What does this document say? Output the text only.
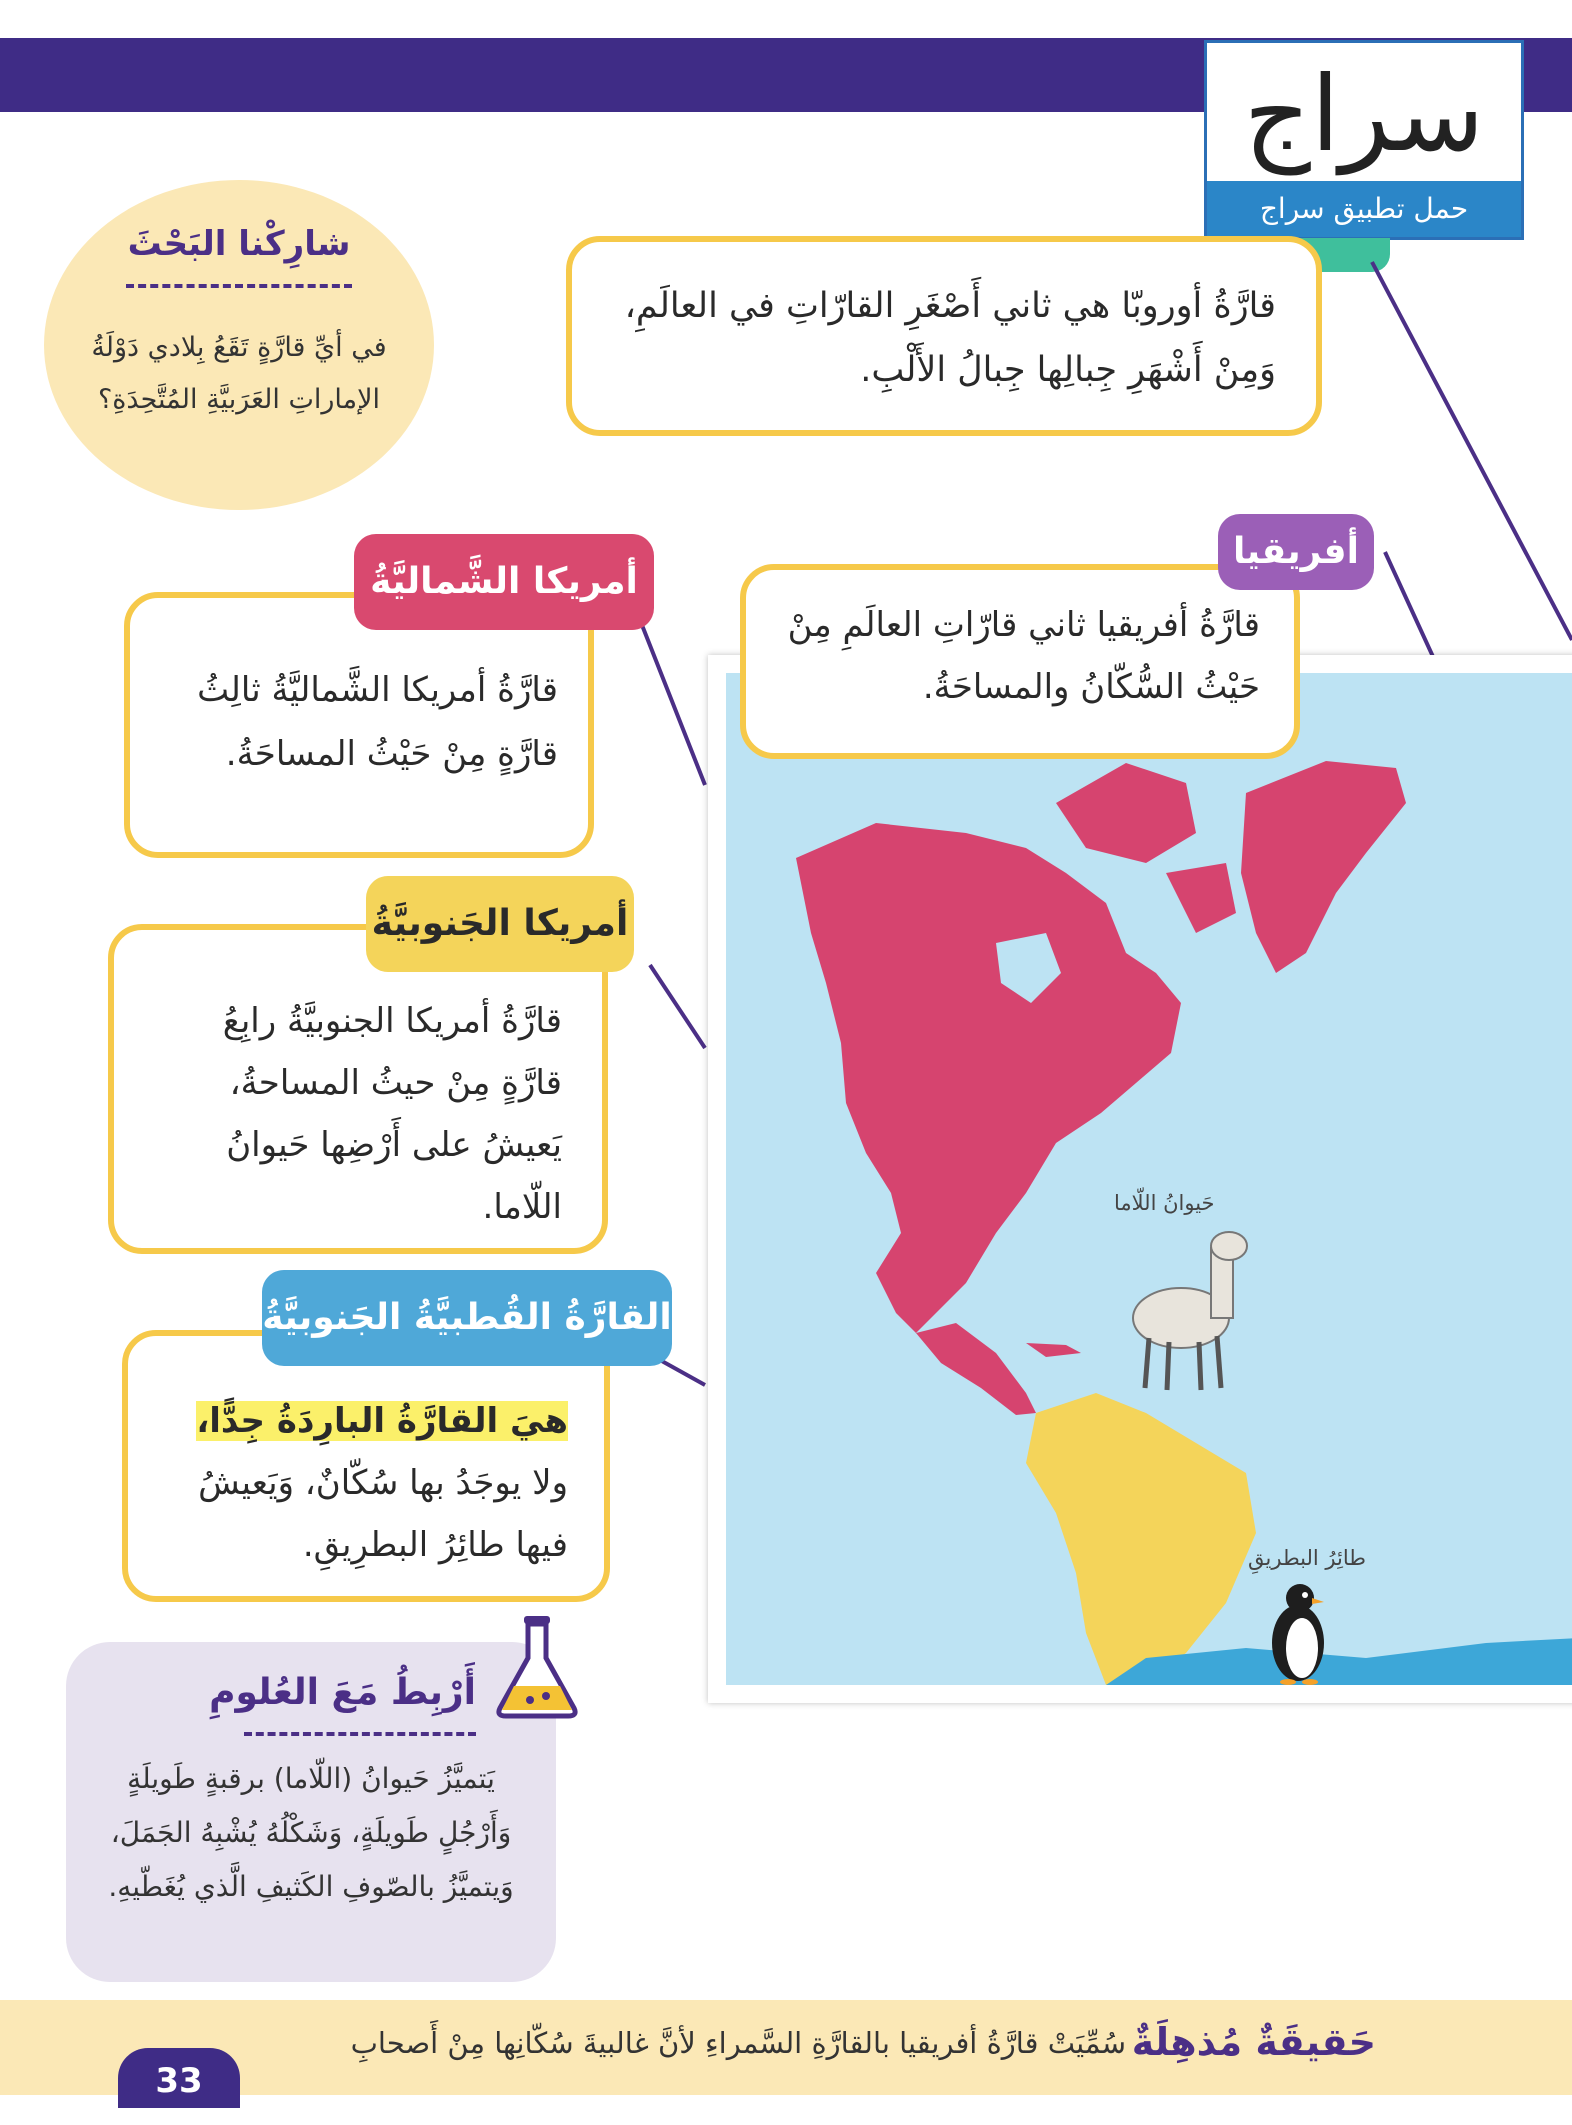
سراج
حمل تطبيق سراج
شارِكْنا البَحْثَ
في أيِّ قارَّةٍ تَقَعُ بِلادي دَوْلَةُ الإماراتِ العَرَبيَّةِ المُتَّحِدَةِ؟
قارَّةُ أوروبّا هي ثاني أَصْغَرِ القارّاتِ في العالَمِ، وَمِنْ أَشْهَرِ جِبالِها جِبالُ الأَلْبِ.
حَيوانُ اللّاما
طائِرُ البطريقِ
قارَّةُ أفريقيا ثاني قارّاتِ العالَمِ مِنْ حَيْثُ السُّكّانُ والمساحَةُ.
أفريقيا
قارَّةُ أمريكا الشَّماليَّةُ ثالِثُ قارَّةٍ مِنْ حَيْثُ المساحَةُ.
أمريكا الشَّماليَّةُ
قارَّةُ أمريكا الجنوبيَّةُ رابِعُ قارَّةٍ مِنْ حيثُ المساحةُ، يَعيشُ على أَرْضِها حَيوانُ اللّاما.
أمريكا الجَنوبيَّةُ
هيَ القارَّةُ البارِدَةُ جِدًّا، ولا يوجَدُ بها سُكّانٌ، وَيَعيشُ فيها طائِرُ البطرِيقِ.
القارَّةُ القُطبيَّةُ الجَنوبيَّةُ
أَرْبِطُ مَعَ العُلومِ
يَتميَّزُ حَيوانُ (اللّاما) برقبةٍ طَويلَةٍ وَأَرْجُلٍ طَويلَةٍ، وَشَكْلُهُ يُشْبِهُ الجَمَلَ، وَيتميَّزُ بالصّوفِ الكَثيفِ الَّذي يُغَطّيهِ.
حَقيقَةٌ مُذهِلَةٌ
سُمِّيَتْ قارَّةُ أفريقيا بالقارَّةِ السَّمراءِ لأنَّ غالبيةَ سُكّانِها مِنْ أَصحابِ
33
